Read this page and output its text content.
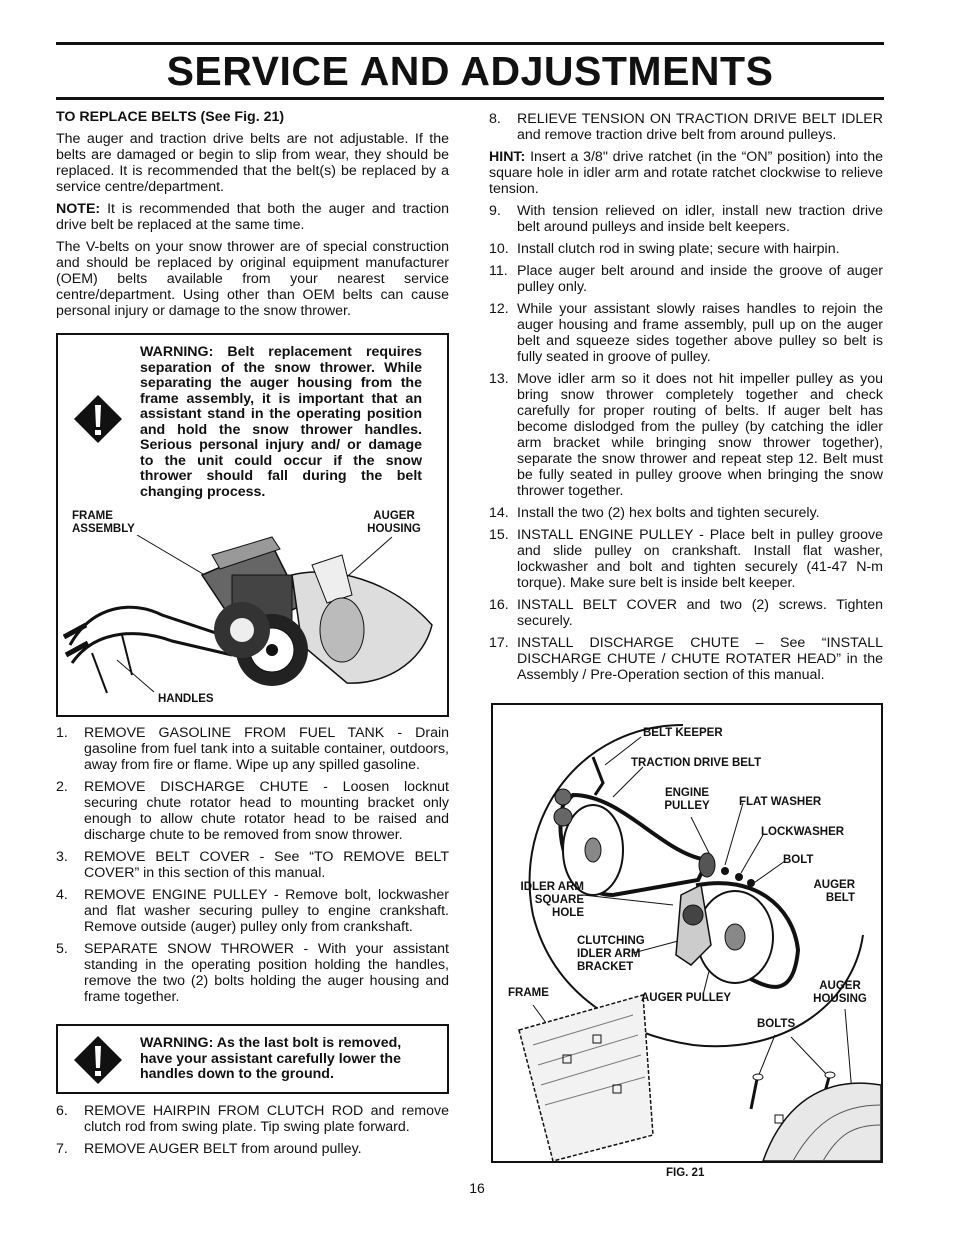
SERVICE AND ADJUSTMENTS
TO REPLACE BELTS (See Fig. 21)

The auger and traction drive belts are not adjustable. If the belts are damaged or begin to slip from wear, they should be replaced. It is recommended that the belt(s) be replaced by a service centre/department.

NOTE: It is recommended that both the auger and traction drive belt be replaced at the same time.

The V-belts on your snow thrower are of special construction and should be replaced by original equipment manufacturer (OEM) belts available from your nearest service centre/department. Using other than OEM belts can cause personal injury or damage to the snow thrower.

WARNING: Belt replacement requires separation of the snow thrower. While separating the auger housing from the frame assembly, it is important that an assistant stand in the operating position and hold the snow thrower handles. Serious personal injury and/ or damage to the unit could occur if the snow thrower should fall during the belt changing process.
FRAME
ASSEMBLY
AUGER
HOUSING
HANDLES
1. REMOVE GASOLINE FROM FUEL TANK - Drain gasoline from fuel tank into a suitable container, outdoors, away from fire or flame. Wipe up any spilled gasoline.
2. REMOVE DISCHARGE CHUTE - Loosen locknut securing chute rotator head to mounting bracket only enough to allow chute rotator head to be raised and discharge chute to be removed from snow thrower.
3. REMOVE BELT COVER - See “TO REMOVE BELT COVER” in this section of this manual.
4. REMOVE ENGINE PULLEY - Remove bolt, lockwasher and flat washer securing pulley to engine crankshaft. Remove outside (auger) pulley only from crankshaft.
5. SEPARATE SNOW THROWER - With your assistant standing in the operating position holding the handles, remove the two (2) bolts holding the auger housing and frame together.
WARNING: As the last bolt is removed, have your assistant carefully lower the handles down to the ground.
6. REMOVE HAIRPIN FROM CLUTCH ROD and remove clutch rod from swing plate. Tip swing plate forward.
7. REMOVE AUGER BELT from around pulley.
8. RELIEVE TENSION ON TRACTION DRIVE BELT IDLER and remove traction drive belt from around pulleys.

HINT: Insert a 3/8" drive ratchet (in the “ON” position) into the square hole in idler arm and rotate ratchet clockwise to relieve tension.

9. With tension relieved on idler, install new traction drive belt around pulleys and inside belt keepers.
10. Install clutch rod in swing plate; secure with hairpin.
11. Place auger belt around and inside the groove of auger pulley only.
12. While your assistant slowly raises handles to rejoin the auger housing and frame assembly, pull up on the auger belt and squeeze sides together above pulley so belt is fully seated in groove of pulley.
13. Move idler arm so it does not hit impeller pulley as you bring snow thrower completely together and check carefully for proper routing of belts. If auger belt has become dislodged from the pulley (by catching the idler arm bracket while bringing snow thrower together), separate the snow thrower and repeat step 12. Belt must be fully seated in pulley groove when bringing the snow thrower together.
14. Install the two (2) hex bolts and tighten securely.
15. INSTALL ENGINE PULLEY - Place belt in pulley groove and slide pulley on crankshaft. Install flat washer, lockwasher and bolt and tighten securely (41-47 N-m torque). Make sure belt is inside belt keeper.
16. INSTALL BELT COVER and two (2) screws. Tighten securely.
17. INSTALL DISCHARGE CHUTE – See “INSTALL DISCHARGE CHUTE / CHUTE ROTATER HEAD” in the Assembly / Pre-Operation section of this manual.
BELT KEEPER
TRACTION DRIVE BELT
ENGINE
PULLEY	FLAT WASHER
LOCKWASHER
BOLT
IDLER ARM
SQUARE
HOLE
AUGER
BELT
CLUTCHING
IDLER ARM
BRACKET
FRAME	AUGER PULLEY
AUGER
HOUSING
BOLTS
FIG. 21
16
